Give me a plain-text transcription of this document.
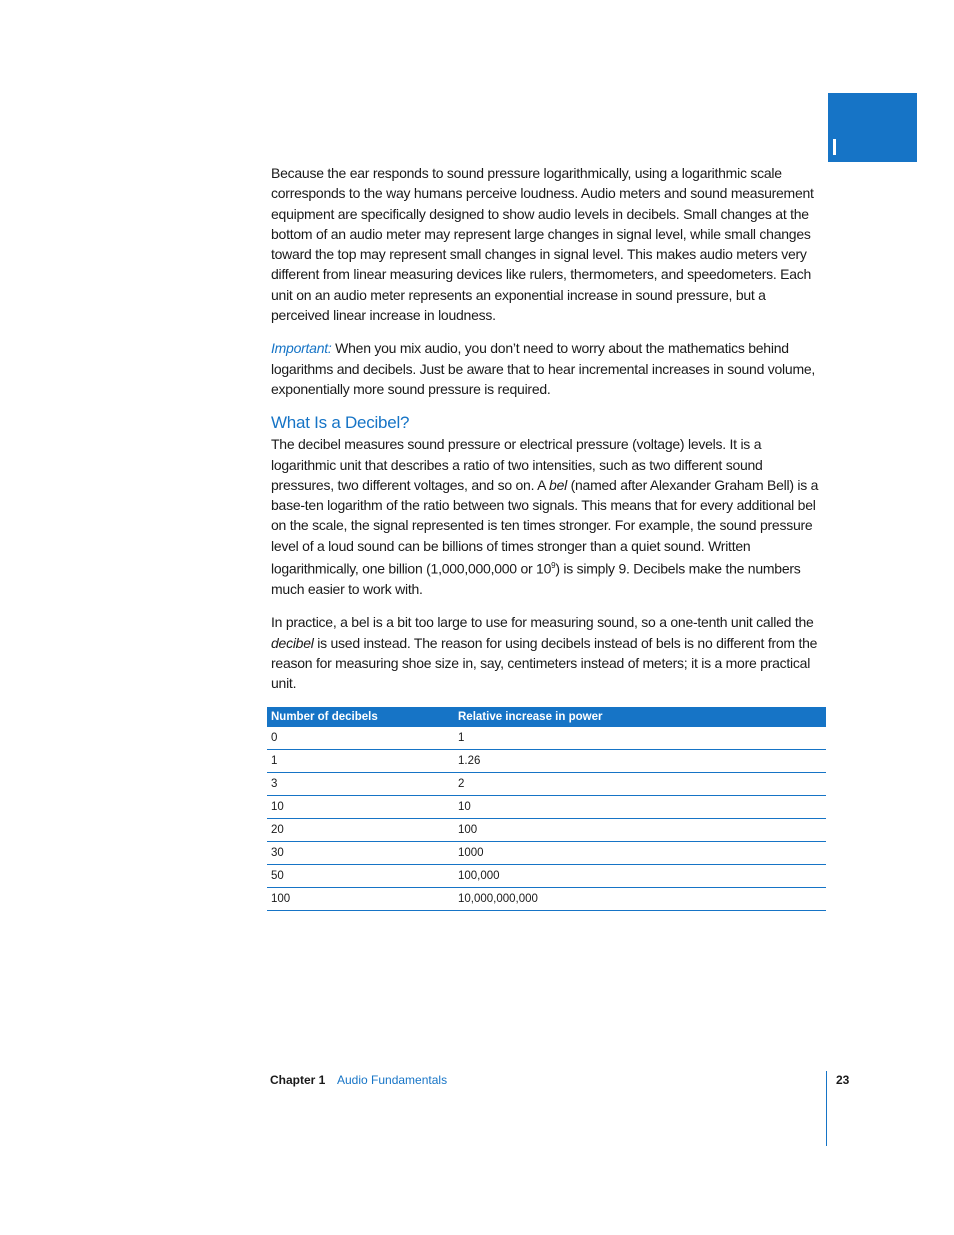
Because the ear responds to sound pressure logarithmically, using a logarithmic scale corresponds to the way humans perceive loudness. Audio meters and sound measurement equipment are specifically designed to show audio levels in decibels. Small changes at the bottom of an audio meter may represent large changes in signal level, while small changes toward the top may represent small changes in signal level. This makes audio meters very different from linear measuring devices like rulers, thermometers, and speedometers. Each unit on an audio meter represents an exponential increase in sound pressure, but a perceived linear increase in loudness.

Important: When you mix audio, you don’t need to worry about the mathematics behind logarithms and decibels. Just be aware that to hear incremental increases in sound volume, exponentially more sound pressure is required.

What Is a Decibel?

The decibel measures sound pressure or electrical pressure (voltage) levels. It is a logarithmic unit that describes a ratio of two intensities, such as two different sound pressures, two different voltages, and so on. A bel (named after Alexander Graham Bell) is a base-ten logarithm of the ratio between two signals. This means that for every additional bel on the scale, the signal represented is ten times stronger. For example, the sound pressure level of a loud sound can be billions of times stronger than a quiet sound. Written logarithmically, one billion (1,000,000,000 or $10^9$) is simply 9. Decibels make the numbers much easier to work with.

In practice, a bel is a bit too large to use for measuring sound, so a one-tenth unit called the decibel is used instead. The reason for using decibels instead of bels is no different from the reason for measuring shoe size in, say, centimeters instead of meters; it is a more practical unit.

Number of decibels	Relative increase in power
0	1
1	1.26
3	2
10	10
20	100
30	1000
50	100,000
100	10,000,000,000
Chapter 1 Audio Fundamentals	23
